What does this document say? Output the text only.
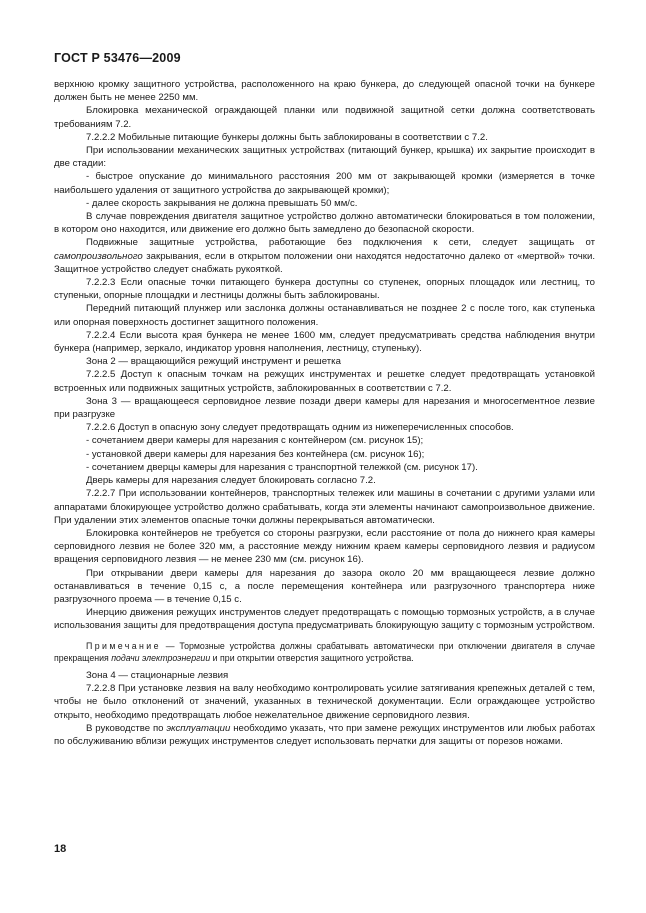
ГОСТ Р 53476—2009

верхнюю кромку защитного устройства, расположенного на краю бункера, до следующей опасной точки на бункере должен быть не менее 2250 мм.

Блокировка механической ограждающей планки или подвижной защитной сетки должна соответствовать требованиям 7.2.

7.2.2.2 Мобильные питающие бункеры должны быть заблокированы в соответствии с 7.2.

При использовании механических защитных устройствах (питающий бункер, крышка) их закрытие происходит в две стадии:

- быстрое опускание до минимального расстояния 200 мм от закрывающей кромки (измеряется в точке наибольшего удаления от защитного устройства до закрывающей кромки);

- далее скорость закрывания не должна превышать 50 мм/с.

В случае повреждения двигателя защитное устройство должно автоматически блокироваться в том положении, в котором оно находится, или движение его должно быть замедлено до безопасной скорости.

Подвижные защитные устройства, работающие без подключения к сети, следует защищать от самопроизвольного закрывания, если в открытом положении они находятся недостаточно далеко от «мертвой» точки. Защитное устройство следует снабжать рукояткой.

7.2.2.3 Если опасные точки питающего бункера доступны со ступенек, опорных площадок или лестниц, то ступеньки, опорные площадки и лестницы должны быть заблокированы.

Передний питающий плунжер или заслонка должны останавливаться не позднее 2 с после того, как ступенька или опорная поверхность достигнет защитного положения.

7.2.2.4 Если высота края бункера не менее 1600 мм, следует предусматривать средства наблюдения внутри бункера (например, зеркало, индикатор уровня наполнения, лестницу, ступеньку).

Зона 2 — вращающийся режущий инструмент и решетка

7.2.2.5 Доступ к опасным точкам на режущих инструментах и решетке следует предотвращать установкой встроенных или подвижных защитных устройств, заблокированных в соответствии с 7.2.

Зона 3 — вращающееся серповидное лезвие позади двери камеры для нарезания и многосегментное лезвие при разгрузке

7.2.2.6 Доступ в опасную зону следует предотвращать одним из нижеперечисленных способов.

- сочетанием двери камеры для нарезания с контейнером (см. рисунок 15);

- установкой двери камеры для нарезания без контейнера (см. рисунок 16);

- сочетанием дверцы камеры для нарезания с транспортной тележкой (см. рисунок 17).

Дверь камеры для нарезания следует блокировать согласно 7.2.

7.2.2.7 При использовании контейнеров, транспортных тележек или машины в сочетании с другими узлами или аппаратами блокирующее устройство должно срабатывать, когда эти элементы начинают самопроизвольное движение. При удалении этих элементов опасные точки должны перекрываться автоматически.

Блокировка контейнеров не требуется со стороны разгрузки, если расстояние от пола до нижнего края камеры серповидного лезвия не более 320 мм, а расстояние между нижним краем камеры серповидного лезвия и радиусом вращения серповидного лезвия — не менее 230 мм (см. рисунок 16).

При открывании двери камеры для нарезания до зазора около 20 мм вращающееся лезвие должно останавливаться в течение 0,15 с, а после перемещения контейнера или разгрузочного транспортера ниже разгрузочного проема — в течение 0,15 с.

Инерцию движения режущих инструментов следует предотвращать с помощью тормозных устройств, а в случае использования защиты для предотвращения доступа предусматривать блокирующую защиту с тормозным устройством.

Примечание — Тормозные устройства должны срабатывать автоматически при отключении двигателя в случае прекращения подачи электроэнергии и при открытии отверстия защитного устройства.

Зона 4 — стационарные лезвия

7.2.2.8 При установке лезвия на валу необходимо контролировать усилие затягивания крепежных деталей с тем, чтобы не было отклонений от значений, указанных в технической документации. Если ограждающее устройство открыто, необходимо предотвращать любое нежелательное движение серповидного лезвия.

В руководстве по эксплуатации необходимо указать, что при замене режущих инструментов или любых работах по обслуживанию вблизи режущих инструментов следует использовать перчатки для защиты от порезов ножами.

18
